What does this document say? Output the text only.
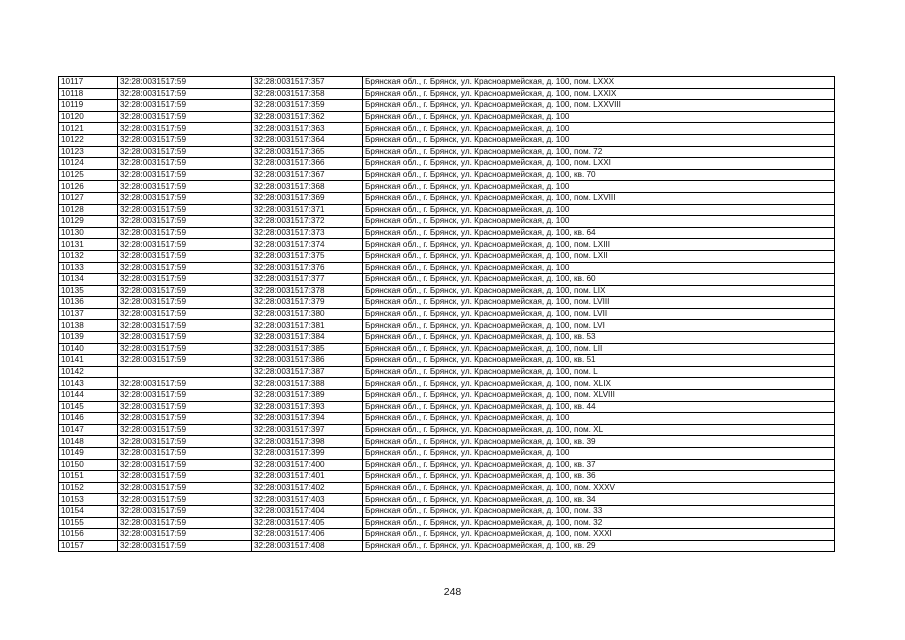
10117	32:28:0031517:59	32:28:0031517:357	Брянская обл., г. Брянск, ул. Красноармейская, д. 100, пом. LXXX
10118	32:28:0031517:59	32:28:0031517:358	Брянская обл., г. Брянск, ул. Красноармейская, д. 100, пом. LXXIX
10119	32:28:0031517:59	32:28:0031517:359	Брянская обл., г. Брянск, ул. Красноармейская, д. 100, пом. LXXVIII
10120	32:28:0031517:59	32:28:0031517:362	Брянская обл., г. Брянск, ул. Красноармейская, д. 100
10121	32:28:0031517:59	32:28:0031517:363	Брянская обл., г. Брянск, ул. Красноармейская, д. 100
10122	32:28:0031517:59	32:28:0031517:364	Брянская обл., г. Брянск, ул. Красноармейская, д. 100
10123	32:28:0031517:59	32:28:0031517:365	Брянская обл., г. Брянск, ул. Красноармейская, д. 100, пом. 72
10124	32:28:0031517:59	32:28:0031517:366	Брянская обл., г. Брянск, ул. Красноармейская, д. 100, пом. LXXI
10125	32:28:0031517:59	32:28:0031517:367	Брянская обл., г. Брянск, ул. Красноармейская, д. 100, кв. 70
10126	32:28:0031517:59	32:28:0031517:368	Брянская обл., г. Брянск, ул. Красноармейская, д. 100
10127	32:28:0031517:59	32:28:0031517:369	Брянская обл., г. Брянск, ул. Красноармейская, д. 100, пом. LXVIII
10128	32:28:0031517:59	32:28:0031517:371	Брянская обл., г. Брянск, ул. Красноармейская, д. 100
10129	32:28:0031517:59	32:28:0031517:372	Брянская обл., г. Брянск, ул. Красноармейская, д. 100
10130	32:28:0031517:59	32:28:0031517:373	Брянская обл., г. Брянск, ул. Красноармейская, д. 100, кв. 64
10131	32:28:0031517:59	32:28:0031517:374	Брянская обл., г. Брянск, ул. Красноармейская, д. 100, пом. LXIII
10132	32:28:0031517:59	32:28:0031517:375	Брянская обл., г. Брянск, ул. Красноармейская, д. 100, пом. LXII
10133	32:28:0031517:59	32:28:0031517:376	Брянская обл., г. Брянск, ул. Красноармейская, д. 100
10134	32:28:0031517:59	32:28:0031517:377	Брянская обл., г. Брянск, ул. Красноармейская, д. 100, кв. 60
10135	32:28:0031517:59	32:28:0031517:378	Брянская обл., г. Брянск, ул. Красноармейская, д. 100, пом. LIX
10136	32:28:0031517:59	32:28:0031517:379	Брянская обл., г. Брянск, ул. Красноармейская, д. 100, пом. LVIII
10137	32:28:0031517:59	32:28:0031517:380	Брянская обл., г. Брянск, ул. Красноармейская, д. 100, пом. LVII
10138	32:28:0031517:59	32:28:0031517:381	Брянская обл., г. Брянск, ул. Красноармейская, д. 100, пом. LVI
10139	32:28:0031517:59	32:28:0031517:384	Брянская обл., г. Брянск, ул. Красноармейская, д. 100, кв. 53
10140	32:28:0031517:59	32:28:0031517:385	Брянская обл., г. Брянск, ул. Красноармейская, д. 100, пом. LII
10141	32:28:0031517:59	32:28:0031517:386	Брянская обл., г. Брянск, ул. Красноармейская, д. 100, кв. 51
10142		32:28:0031517:387	Брянская обл., г. Брянск, ул. Красноармейская, д. 100, пом. L
10143	32:28:0031517:59	32:28:0031517:388	Брянская обл., г. Брянск, ул. Красноармейская, д. 100, пом. XLIX
10144	32:28:0031517:59	32:28:0031517:389	Брянская обл., г. Брянск, ул. Красноармейская, д. 100, пом. XLVIII
10145	32:28:0031517:59	32:28:0031517:393	Брянская обл., г. Брянск, ул. Красноармейская, д. 100, кв. 44
10146	32:28:0031517:59	32:28:0031517:394	Брянская обл., г. Брянск, ул. Красноармейская, д. 100
10147	32:28:0031517:59	32:28:0031517:397	Брянская обл., г. Брянск, ул. Красноармейская, д. 100, пом. XL
10148	32:28:0031517:59	32:28:0031517:398	Брянская обл., г. Брянск, ул. Красноармейская, д. 100, кв. 39
10149	32:28:0031517:59	32:28:0031517:399	Брянская обл., г. Брянск, ул. Красноармейская, д. 100
10150	32:28:0031517:59	32:28:0031517:400	Брянская обл., г. Брянск, ул. Красноармейская, д. 100, кв. 37
10151	32:28:0031517:59	32:28:0031517:401	Брянская обл., г. Брянск, ул. Красноармейская, д. 100, кв. 36
10152	32:28:0031517:59	32:28:0031517:402	Брянская обл., г. Брянск, ул. Красноармейская, д. 100, пом. XXXV
10153	32:28:0031517:59	32:28:0031517:403	Брянская обл., г. Брянск, ул. Красноармейская, д. 100, кв. 34
10154	32:28:0031517:59	32:28:0031517:404	Брянская обл., г. Брянск, ул. Красноармейская, д. 100, пом. 33
10155	32:28:0031517:59	32:28:0031517:405	Брянская обл., г. Брянск, ул. Красноармейская, д. 100, пом. 32
10156	32:28:0031517:59	32:28:0031517:406	Брянская обл., г. Брянск, ул. Красноармейская, д. 100, пом. XXXI
10157	32:28:0031517:59	32:28:0031517:408	Брянская обл., г. Брянск, ул. Красноармейская, д. 100, кв. 29
248
